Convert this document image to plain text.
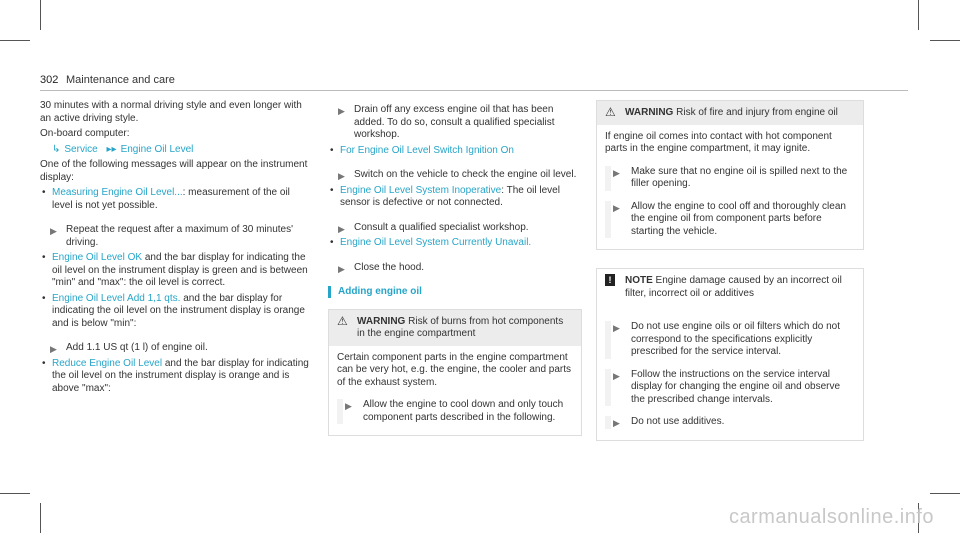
302 Maintenance and care

30 minutes with a normal driving style and even longer with an active driving style.

On-board computer:

↳ Service ▸▸ Engine Oil Level

One of the following messages will appear on the instrument display:

• Measuring Engine Oil Level...: measurement of the oil level is not yet possible.
▶ Repeat the request after a maximum of 30 minutes' driving.
• Engine Oil Level OK and the bar display for indicating the oil level on the instrument display is green and is between "min" and "max": the oil level is correct.
• Engine Oil Level Add 1,1 qts. and the bar display for indicating the oil level on the instrument display is orange and is below "min":
▶ Add 1.1 US qt (1 l) of engine oil.
• Reduce Engine Oil Level and the bar display for indicating the oil level on the instrument display is orange and is above "max":
▶ Drain off any excess engine oil that has been added. To do so, consult a qualified specialist workshop.
• For Engine Oil Level Switch Ignition On
▶ Switch on the vehicle to check the engine oil level.
• Engine Oil Level System Inoperative: The oil level sensor is defective or not connected.
▶ Consult a qualified specialist workshop.
• Engine Oil Level System Currently Unavail.
▶ Close the hood.
Adding engine oil
⚠ WARNING Risk of burns from hot components in the engine compartment
Certain component parts in the engine compartment can be very hot, e.g. the engine, the cooler and parts of the exhaust system.
▶ Allow the engine to cool down and only touch component parts described in the following.
⚠ WARNING Risk of fire and injury from engine oil
If engine oil comes into contact with hot component parts in the engine compartment, it may ignite.
▶ Make sure that no engine oil is spilled next to the filler opening.
▶ Allow the engine to cool off and thoroughly clean the engine oil from component parts before starting the vehicle.
!	NOTE Engine damage caused by an incorrect oil filter, incorrect oil or additives
▶ Do not use engine oils or oil filters which do not correspond to the specifications explicitly prescribed for the service interval.
▶ Follow the instructions on the service interval display for changing the engine oil and observe the prescribed change intervals.
▶ Do not use additives.
carmanualsonline.info
